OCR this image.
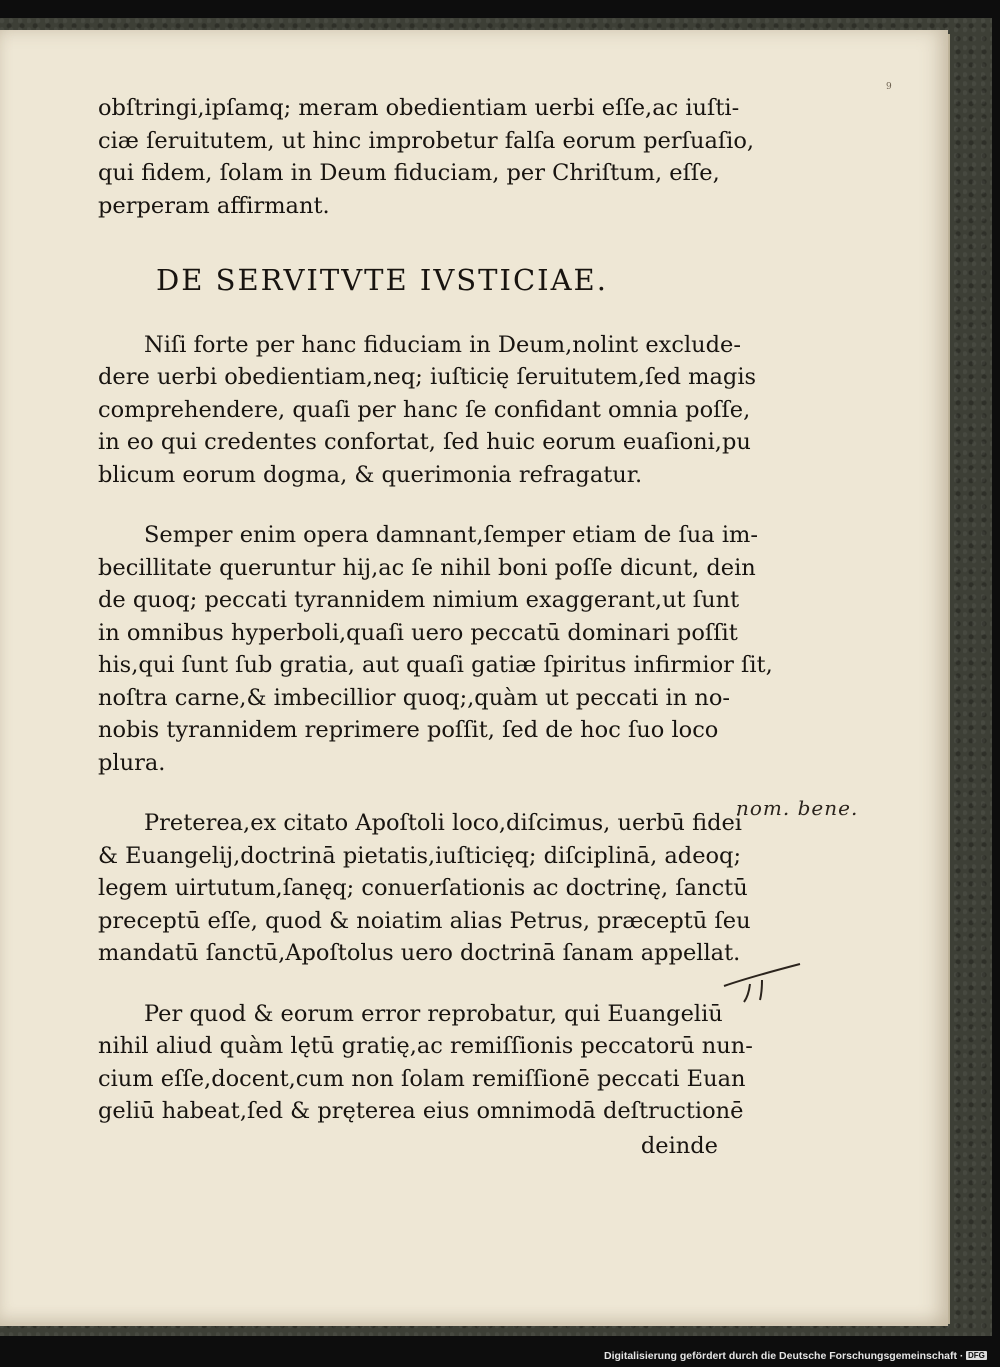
9

obſtringi,ipſamq; meram obedientiam uerbi eſſe,ac iuſti-
ciæ ſeruitutem, ut hinc improbetur falſa eorum perſuaſio,
qui fidem, ſolam in Deum fiduciam, per Chriſtum, eſſe,
perperam affirmant.

DE SERVITVTE IVSTICIAE.

Niſi forte per hanc fiduciam in Deum,nolint exclude-
dere uerbi obedientiam,neq; iuſticię ſeruitutem,ſed magis
comprehendere, quaſi per hanc ſe confidant omnia poſſe,
in eo qui credentes confortat, ſed huic eorum euaſioni,pu
blicum eorum dogma, & querimonia refragatur.

Semper enim opera damnant,ſemper etiam de ſua im-
becillitate queruntur hij,ac ſe nihil boni poſſe dicunt, dein
de quoq; peccati tyrannidem nimium exaggerant,ut ſunt
in omnibus hyperboli,quaſi uero peccatū dominari poſſit
his,qui ſunt ſub gratia, aut quaſi gatiæ ſpiritus infirmior ſit,
noſtra carne,& imbecillior quoq;,quàm ut peccati in no-
nobis tyrannidem reprimere poſſit, ſed de hoc ſuo loco
plura.

Preterea,ex citato Apoſtoli loco,diſcimus, uerbū fidei
& Euangelij,doctrinā pietatis,iuſticięq; diſciplinā, adeoq;
legem uirtutum,ſanęq; conuerſationis ac doctrinę, ſanctū
preceptū eſſe, quod & noiatim alias Petrus, præceptū ſeu
mandatū ſanctū,Apoſtolus uero doctrinā ſanam appellat.

Per quod & eorum error reprobatur, qui Euangeliū
nihil aliud quàm lętū gratię,ac remiſſionis peccatorū nun-
cium eſſe,docent,cum non ſolam remiſſionē peccati Euan
geliū habeat,ſed & pręterea eius omnimodā deſtructionē

deinde
nom. bene.
Digitalisierung gefördert durch die Deutsche Forschungsgemeinschaft · DFG
